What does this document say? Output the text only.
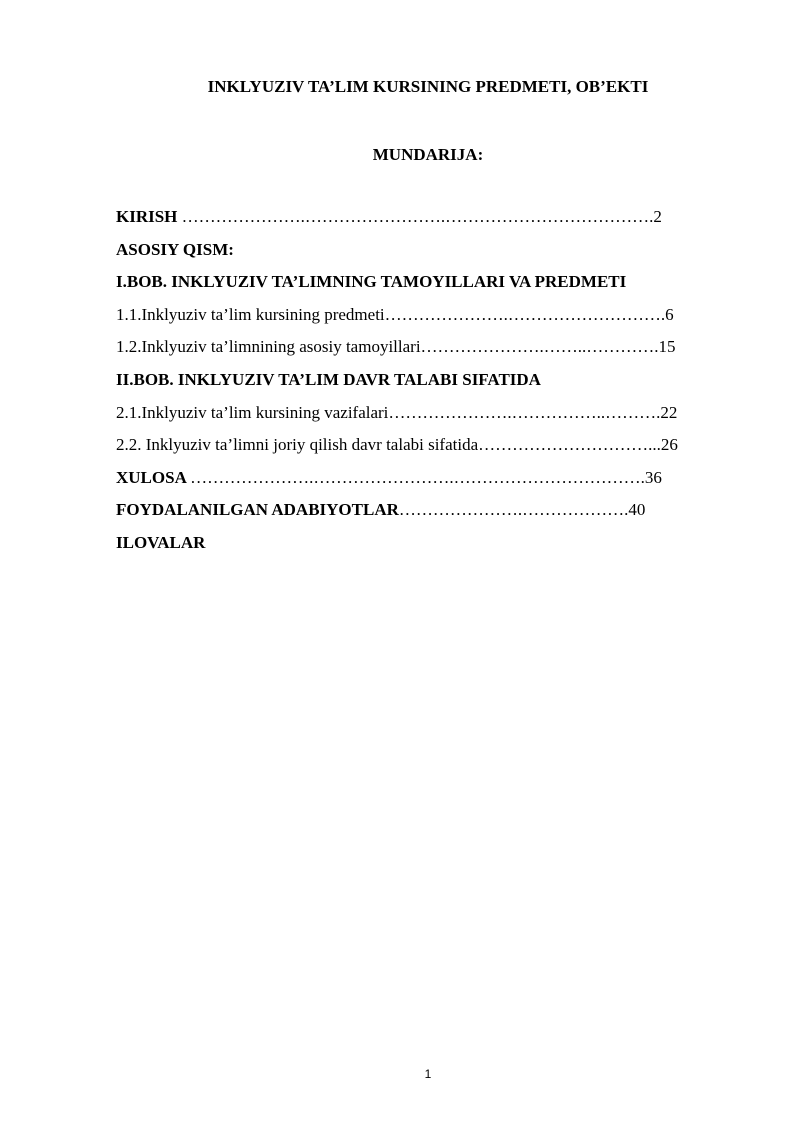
INKLYUZIV TA’LIM KURSINING PREDMETI, OB’EKTI
MUNDARIJA:
KIRISH ………………….…………………….……………………………….2
ASOSIY QISM:
I.BOB. INKLYUZIV TA’LIMNING TAMOYILLARI VA PREDMETI
1.1.Inklyuziv ta’lim kursining predmeti………………….……………………….6
1.2.Inklyuziv ta’limnining asosiy tamoyillari………………….……..………….15
II.BOB. INKLYUZIV TA’LIM DAVR TALABI SIFATIDA
2.1.Inklyuziv ta’lim kursining vazifalari………………….……………..……….22
2.2. Inklyuziv ta’limni joriy qilish davr talabi sifatida…………………………...26
XULOSA ………………….…………………….…………………………….36
FOYDALANILGAN ADABIYOTLAR………………….……………….40
ILOVALAR
1
